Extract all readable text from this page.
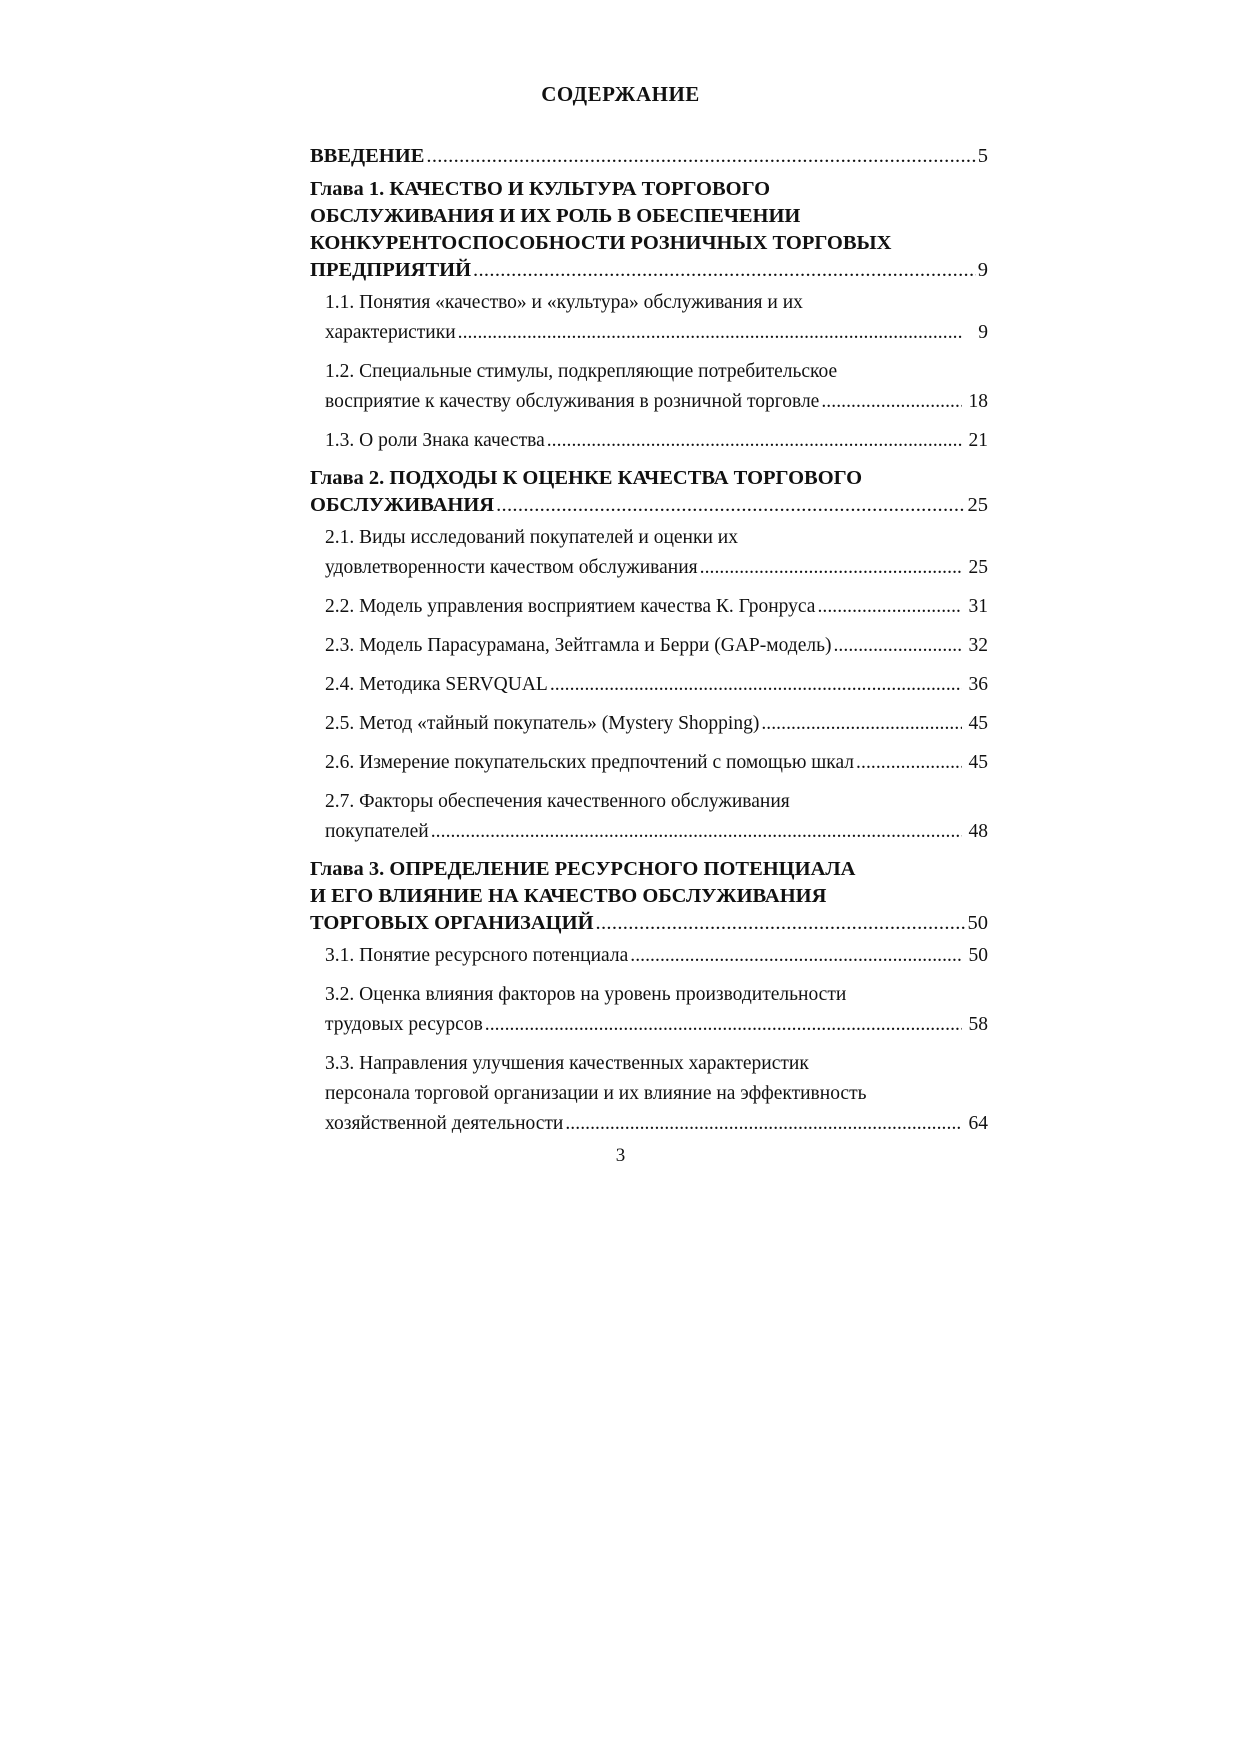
СОДЕРЖАНИЕ
ВВЕДЕНИЕ . . .	5
Глава 1. КАЧЕСТВО И КУЛЬТУРА ТОРГОВОГО
ОБСЛУЖИВАНИЯ И ИХ РОЛЬ В ОБЕСПЕЧЕНИИ
КОНКУРЕНТОСПОСОБНОСТИ РОЗНИЧНЫХ ТОРГОВЫХ
ПРЕДПРИЯТИЙ . . .	9
1.1. Понятия «качество» и «культура» обслуживания и их
характеристики . . .	9
1.2. Специальные стимулы, подкрепляющие потребительское
восприятие к качеству обслуживания в розничной торговле . . .	18
1.3. О роли Знака качества . . .	21
Глава 2. ПОДХОДЫ К ОЦЕНКЕ КАЧЕСТВА ТОРГОВОГО
ОБСЛУЖИВАНИЯ . . .	25
2.1. Виды исследований покупателей и оценки их
удовлетворенности качеством обслуживания . . .	25
2.2. Модель управления восприятием качества К. Гронруса . . .	31
2.3. Модель Парасурамана, Зейтгамла и Берри (GAP-модель) . . .	32
2.4. Методика SERVQUAL . . .	36
2.5. Метод «тайный покупатель» (Mystery Shopping) . . .	45
2.6. Измерение покупательских предпочтений с помощью шкал . . .	45
2.7. Факторы обеспечения качественного обслуживания
покупателей . . .	48
Глава 3. ОПРЕДЕЛЕНИЕ РЕСУРСНОГО ПОТЕНЦИАЛА
И ЕГО ВЛИЯНИЕ НА КАЧЕСТВО ОБСЛУЖИВАНИЯ
ТОРГОВЫХ ОРГАНИЗАЦИЙ . . .	50
3.1. Понятие ресурсного потенциала . . .	50
3.2. Оценка влияния факторов на уровень производительности
трудовых ресурсов . . .	58
3.3. Направления улучшения качественных характеристик
персонала торговой организации и их влияние на эффективность
хозяйственной деятельности . . .	64
3
